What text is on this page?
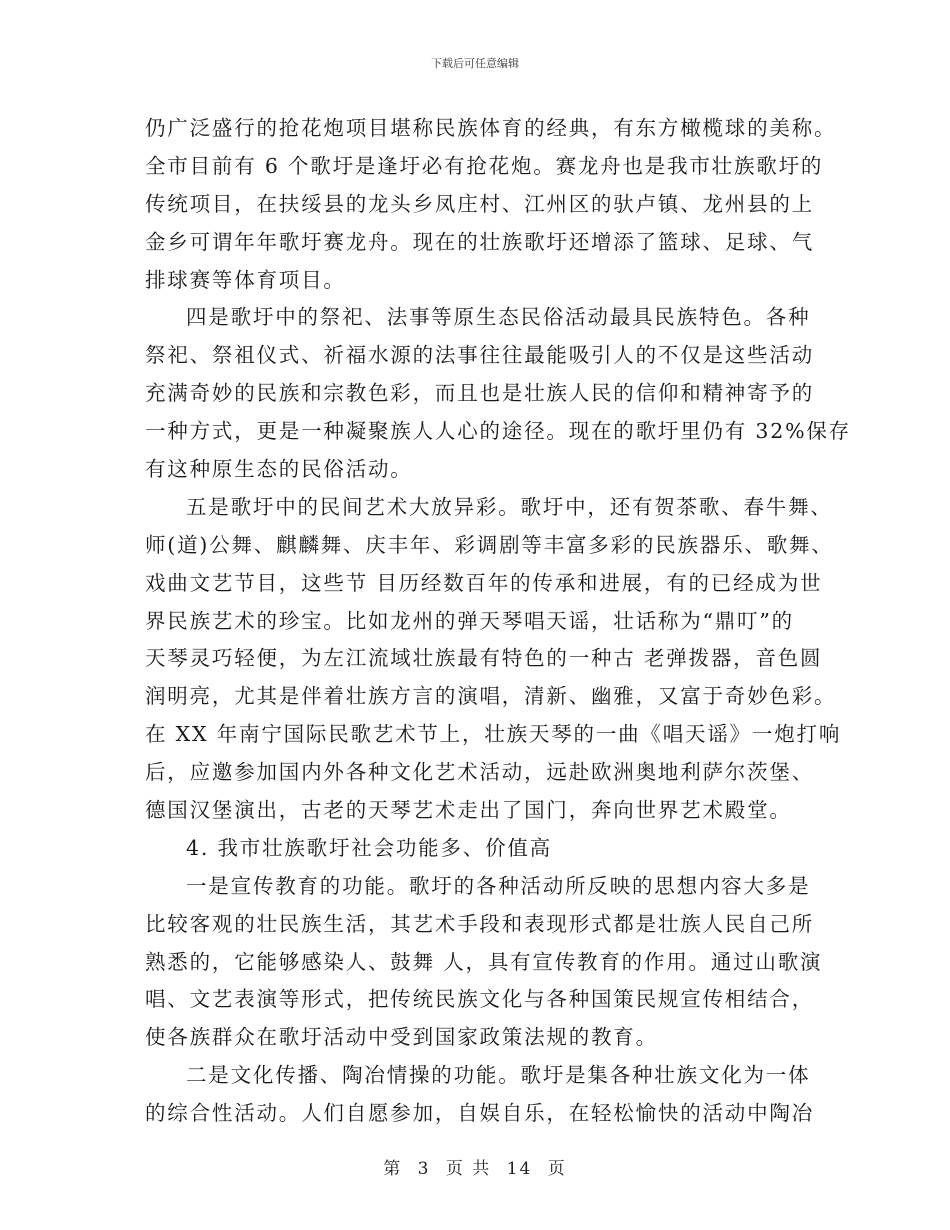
下载后可任意编辑
仍广泛盛行的抢花炮项目堪称民族体育的经典，有东方橄榄球的美称。
全市目前有 6 个歌圩是逢圩必有抢花炮。赛龙舟也是我市壮族歌圩的
传统项目，在扶绥县的龙头乡凤庄村、江州区的驮卢镇、龙州县的上
金乡可谓年年歌圩赛龙舟。现在的壮族歌圩还增添了篮球、足球、气
排球赛等体育项目。
四是歌圩中的祭祀、法事等原生态民俗活动最具民族特色。各种
祭祀、祭祖仪式、祈福水源的法事往往最能吸引人的不仅是这些活动
充满奇妙的民族和宗教色彩，而且也是壮族人民的信仰和精神寄予的
一种方式，更是一种凝聚族人人心的途径。现在的歌圩里仍有 32%保存
有这种原生态的民俗活动。
五是歌圩中的民间艺术大放异彩。歌圩中，还有贺茶歌、春牛舞、
师(道)公舞、麒麟舞、庆丰年、彩调剧等丰富多彩的民族器乐、歌舞、
戏曲文艺节目，这些节 目历经数百年的传承和进展，有的已经成为世
界民族艺术的珍宝。比如龙州的弹天琴唱天谣，壮话称为“鼎叮”的
天琴灵巧轻便，为左江流域壮族最有特色的一种古 老弹拨器，音色圆
润明亮，尤其是伴着壮族方言的演唱，清新、幽雅，又富于奇妙色彩。
在 XX 年南宁国际民歌艺术节上，壮族天琴的一曲《唱天谣》一炮打响
后，应邀参加国内外各种文化艺术活动，远赴欧洲奥地利萨尔茨堡、
德国汉堡演出，古老的天琴艺术走出了国门，奔向世界艺术殿堂。
4. 我市壮族歌圩社会功能多、价值高
一是宣传教育的功能。歌圩的各种活动所反映的思想内容大多是
比较客观的壮民族生活，其艺术手段和表现形式都是壮族人民自己所
熟悉的，它能够感染人、鼓舞 人，具有宣传教育的作用。通过山歌演
唱、文艺表演等形式，把传统民族文化与各种国策民规宣传相结合，
使各族群众在歌圩活动中受到国家政策法规的教育。
二是文化传播、陶冶情操的功能。歌圩是集各种壮族文化为一体
的综合性活动。人们自愿参加，自娱自乐，在轻松愉快的活动中陶冶
第 3 页 共 14 页
